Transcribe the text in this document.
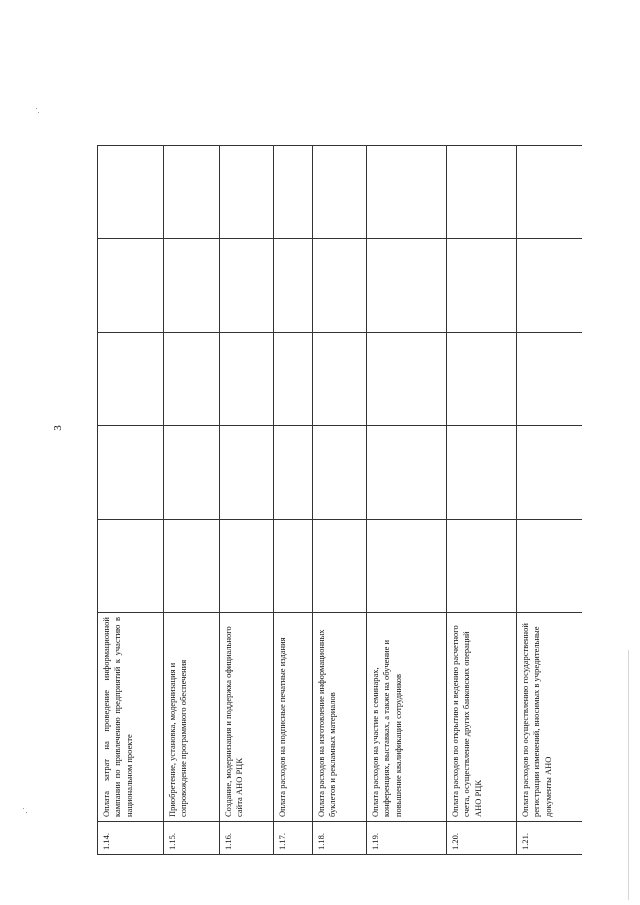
3
1.14.	Оплата затрат на проведение информационной кампании по привлечению предприятий к участию в национальном проекте					
1.15.	Приобретение, установка, модернизация и сопровождение программного обеспечения					
1.16.	Создание, модернизация и поддержка официального сайта АНО РЦК					
1.17.	Оплата расходов на подписные печатные издания					
1.18.	Оплата расходов на изготовление информационных буклетов и рекламных материалов					
1.19.	Оплата расходов на участие в семинарах, конференциях, выставках, а также на обучение и повышение квалификации сотрудников					
1.20.	Оплата расходов по открытию и ведению расчетного счета, осуществление других банковских операций АНО РЦК					
1.21.	Оплата расходов по осуществлению государственной регистрации изменений, вносимых в учредительные документы АНО					
